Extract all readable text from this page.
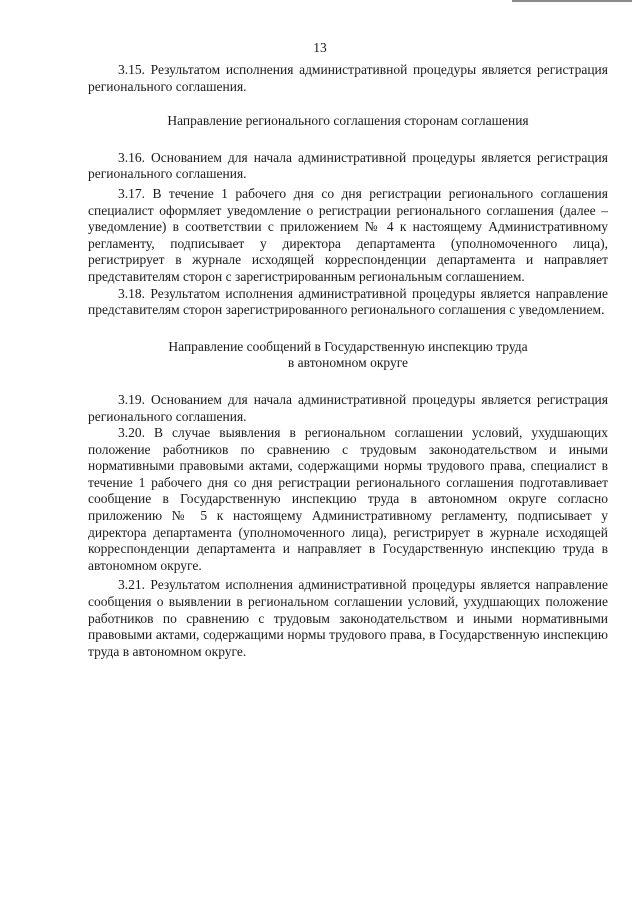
13

3.15. Результатом исполнения административной процедуры является регистрация регионального соглашения.

Направление регионального соглашения сторонам соглашения

3.16. Основанием для начала административной процедуры является регистрация регионального соглашения.

3.17. В течение 1 рабочего дня со дня регистрации регионального соглашения специалист оформляет уведомление о регистрации регионального соглашения (далее – уведомление) в соответствии с приложением № 4 к настоящему Административному регламенту, подписывает у директора департамента (уполномоченного лица), регистрирует в журнале исходящей корреспонденции департамента и направляет представителям сторон с зарегистрированным региональным соглашением.

3.18. Результатом исполнения административной процедуры является направление представителям сторон зарегистрированного регионального соглашения с уведомлением.

Направление сообщений в Государственную инспекцию труда
в автономном округе

3.19. Основанием для начала административной процедуры является регистрация регионального соглашения.

3.20. В случае выявления в региональном соглашении условий, ухудшающих положение работников по сравнению с трудовым законодательством и иными нормативными правовыми актами, содержащими нормы трудового права, специалист в течение 1 рабочего дня со дня регистрации регионального соглашения подготавливает сообщение в Государственную инспекцию труда в автономном округе согласно приложению № 5 к настоящему Административному регламенту, подписывает у директора департамента (уполномоченного лица), регистрирует в журнале исходящей корреспонденции департамента и направляет в Государственную инспекцию труда в автономном округе.

3.21. Результатом исполнения административной процедуры является направление сообщения о выявлении в региональном соглашении условий, ухудшающих положение работников по сравнению с трудовым законодательством и иными нормативными правовыми актами, содержащими нормы трудового права, в Государственную инспекцию труда в автономном округе.
